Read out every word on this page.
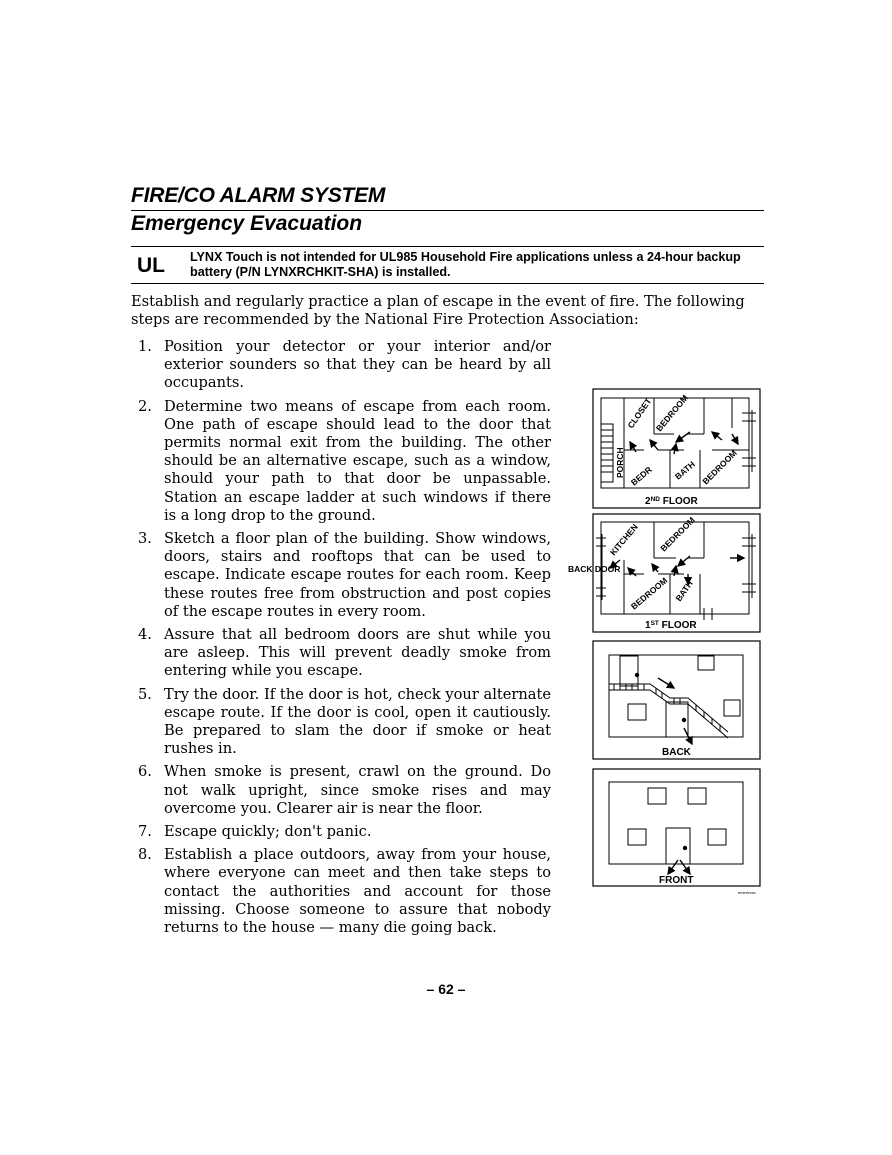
FIRE/CO ALARM SYSTEM
Emergency Evacuation
UL LYNX Touch is not intended for UL985 Household Fire applications unless a 24-hour backup battery (P/N LYNXRCHKIT-SHA) is installed.

Establish and regularly practice a plan of escape in the event of fire. The following steps are recommended by the National Fire Protection Association:

1. Position your detector or your interior and/or exterior sounders so that they can be heard by all occupants.
2. Determine two means of escape from each room. One path of escape should lead to the door that permits normal exit from the building. The other should be an alternative escape, such as a window, should your path to that door be unpassable. Station an escape ladder at such windows if there is a long drop to the ground.
3. Sketch a floor plan of the building. Show windows, doors, stairs and rooftops that can be used to escape. Indicate escape routes for each room. Keep these routes free from obstruction and post copies of the escape routes in every room.
4. Assure that all bedroom doors are shut while you are asleep. This will prevent deadly smoke from entering while you escape.
5. Try the door. If the door is hot, check your alternate escape route. If the door is cool, open it cautiously. Be prepared to slam the door if smoke or heat rushes in.
6. When smoke is present, crawl on the ground. Do not walk upright, since smoke rises and may overcome you. Clearer air is near the floor.
7. Escape quickly; don't panic.
8. Establish a place outdoors, away from your house, where everyone can meet and then take steps to contact the authorities and account for those missing. Choose someone to assure that nobody returns to the house — many die going back.
CLOSET BEDROOM
PORCH BEDR BATH BEDROOM
2ND FLOOR
KITCHEN BEDROOM
BACK DOOR
BEDROOM BATH
1ST FLOOR
BACK
FRONT
emerevac
– 62 –
